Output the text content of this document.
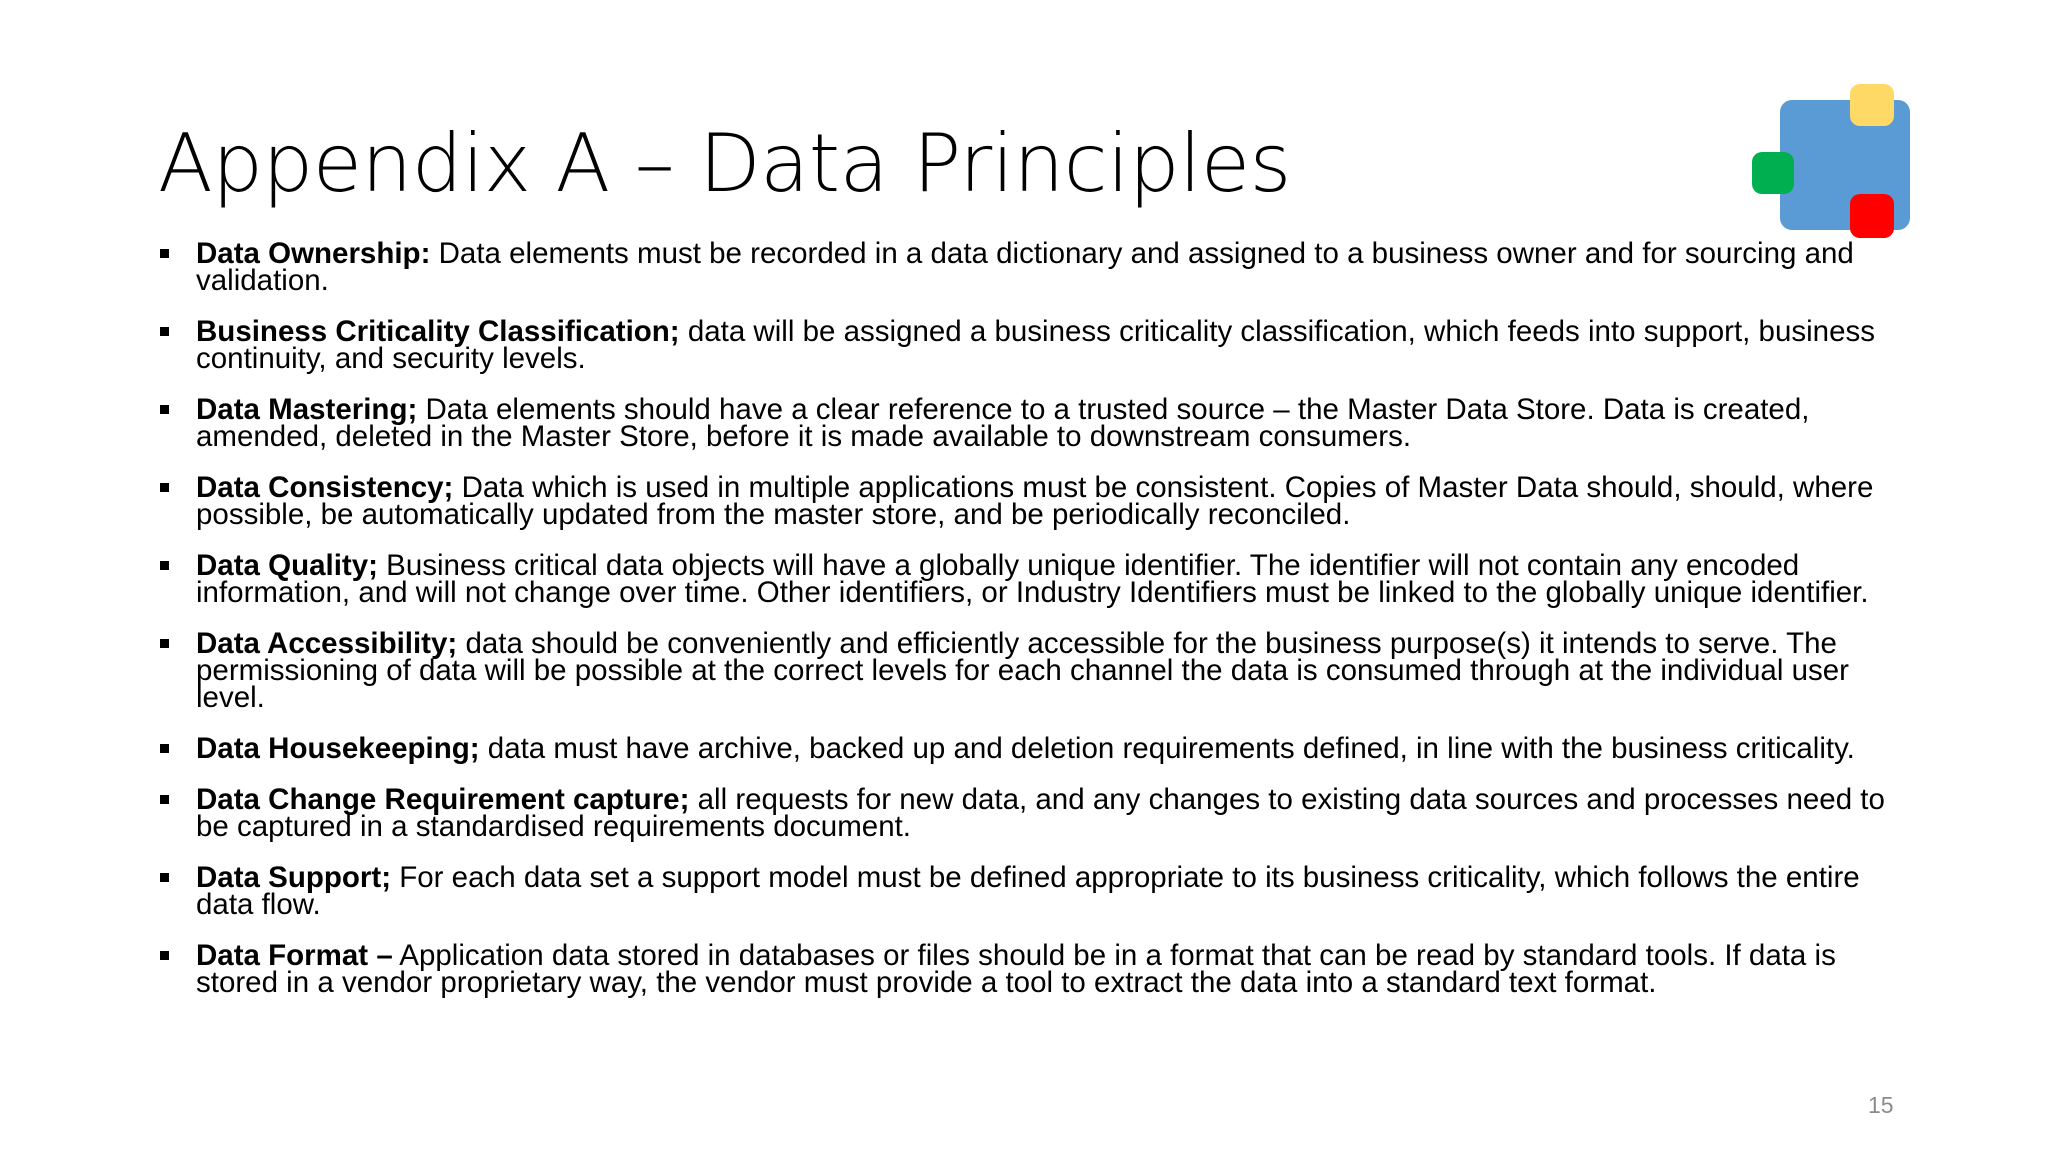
Appendix A – Data Principles
Data Ownership: Data elements must be recorded in a data dictionary and assigned to a business owner and for sourcing and validation.
Business Criticality Classification; data will be assigned a business criticality classification, which feeds into support, business continuity, and security levels.
Data Mastering; Data elements should have a clear reference to a trusted source – the Master Data Store. Data is created, amended, deleted in the Master Store, before it is made available to downstream consumers.
Data Consistency; Data which is used in multiple applications must be consistent. Copies of Master Data should, should, where possible, be automatically updated from the master store, and be periodically reconciled.
Data Quality; Business critical data objects will have a globally unique identifier. The identifier will not contain any encoded information, and will not change over time. Other identifiers, or Industry Identifiers must be linked to the globally unique identifier.
Data Accessibility; data should be conveniently and efficiently accessible for the business purpose(s) it intends to serve. The permissioning of data will be possible at the correct levels for each channel the data is consumed through at the individual user level.
Data Housekeeping; data must have archive, backed up and deletion requirements defined, in line with the business criticality.
Data Change Requirement capture; all requests for new data, and any changes to existing data sources and processes need to be captured in a standardised requirements document.
Data Support; For each data set a support model must be defined appropriate to its business criticality, which follows the entire data flow.
Data Format – Application data stored in databases or files should be in a format that can be read by standard tools. If data is stored in a vendor proprietary way, the vendor must provide a tool to extract the data into a standard text format.
15
